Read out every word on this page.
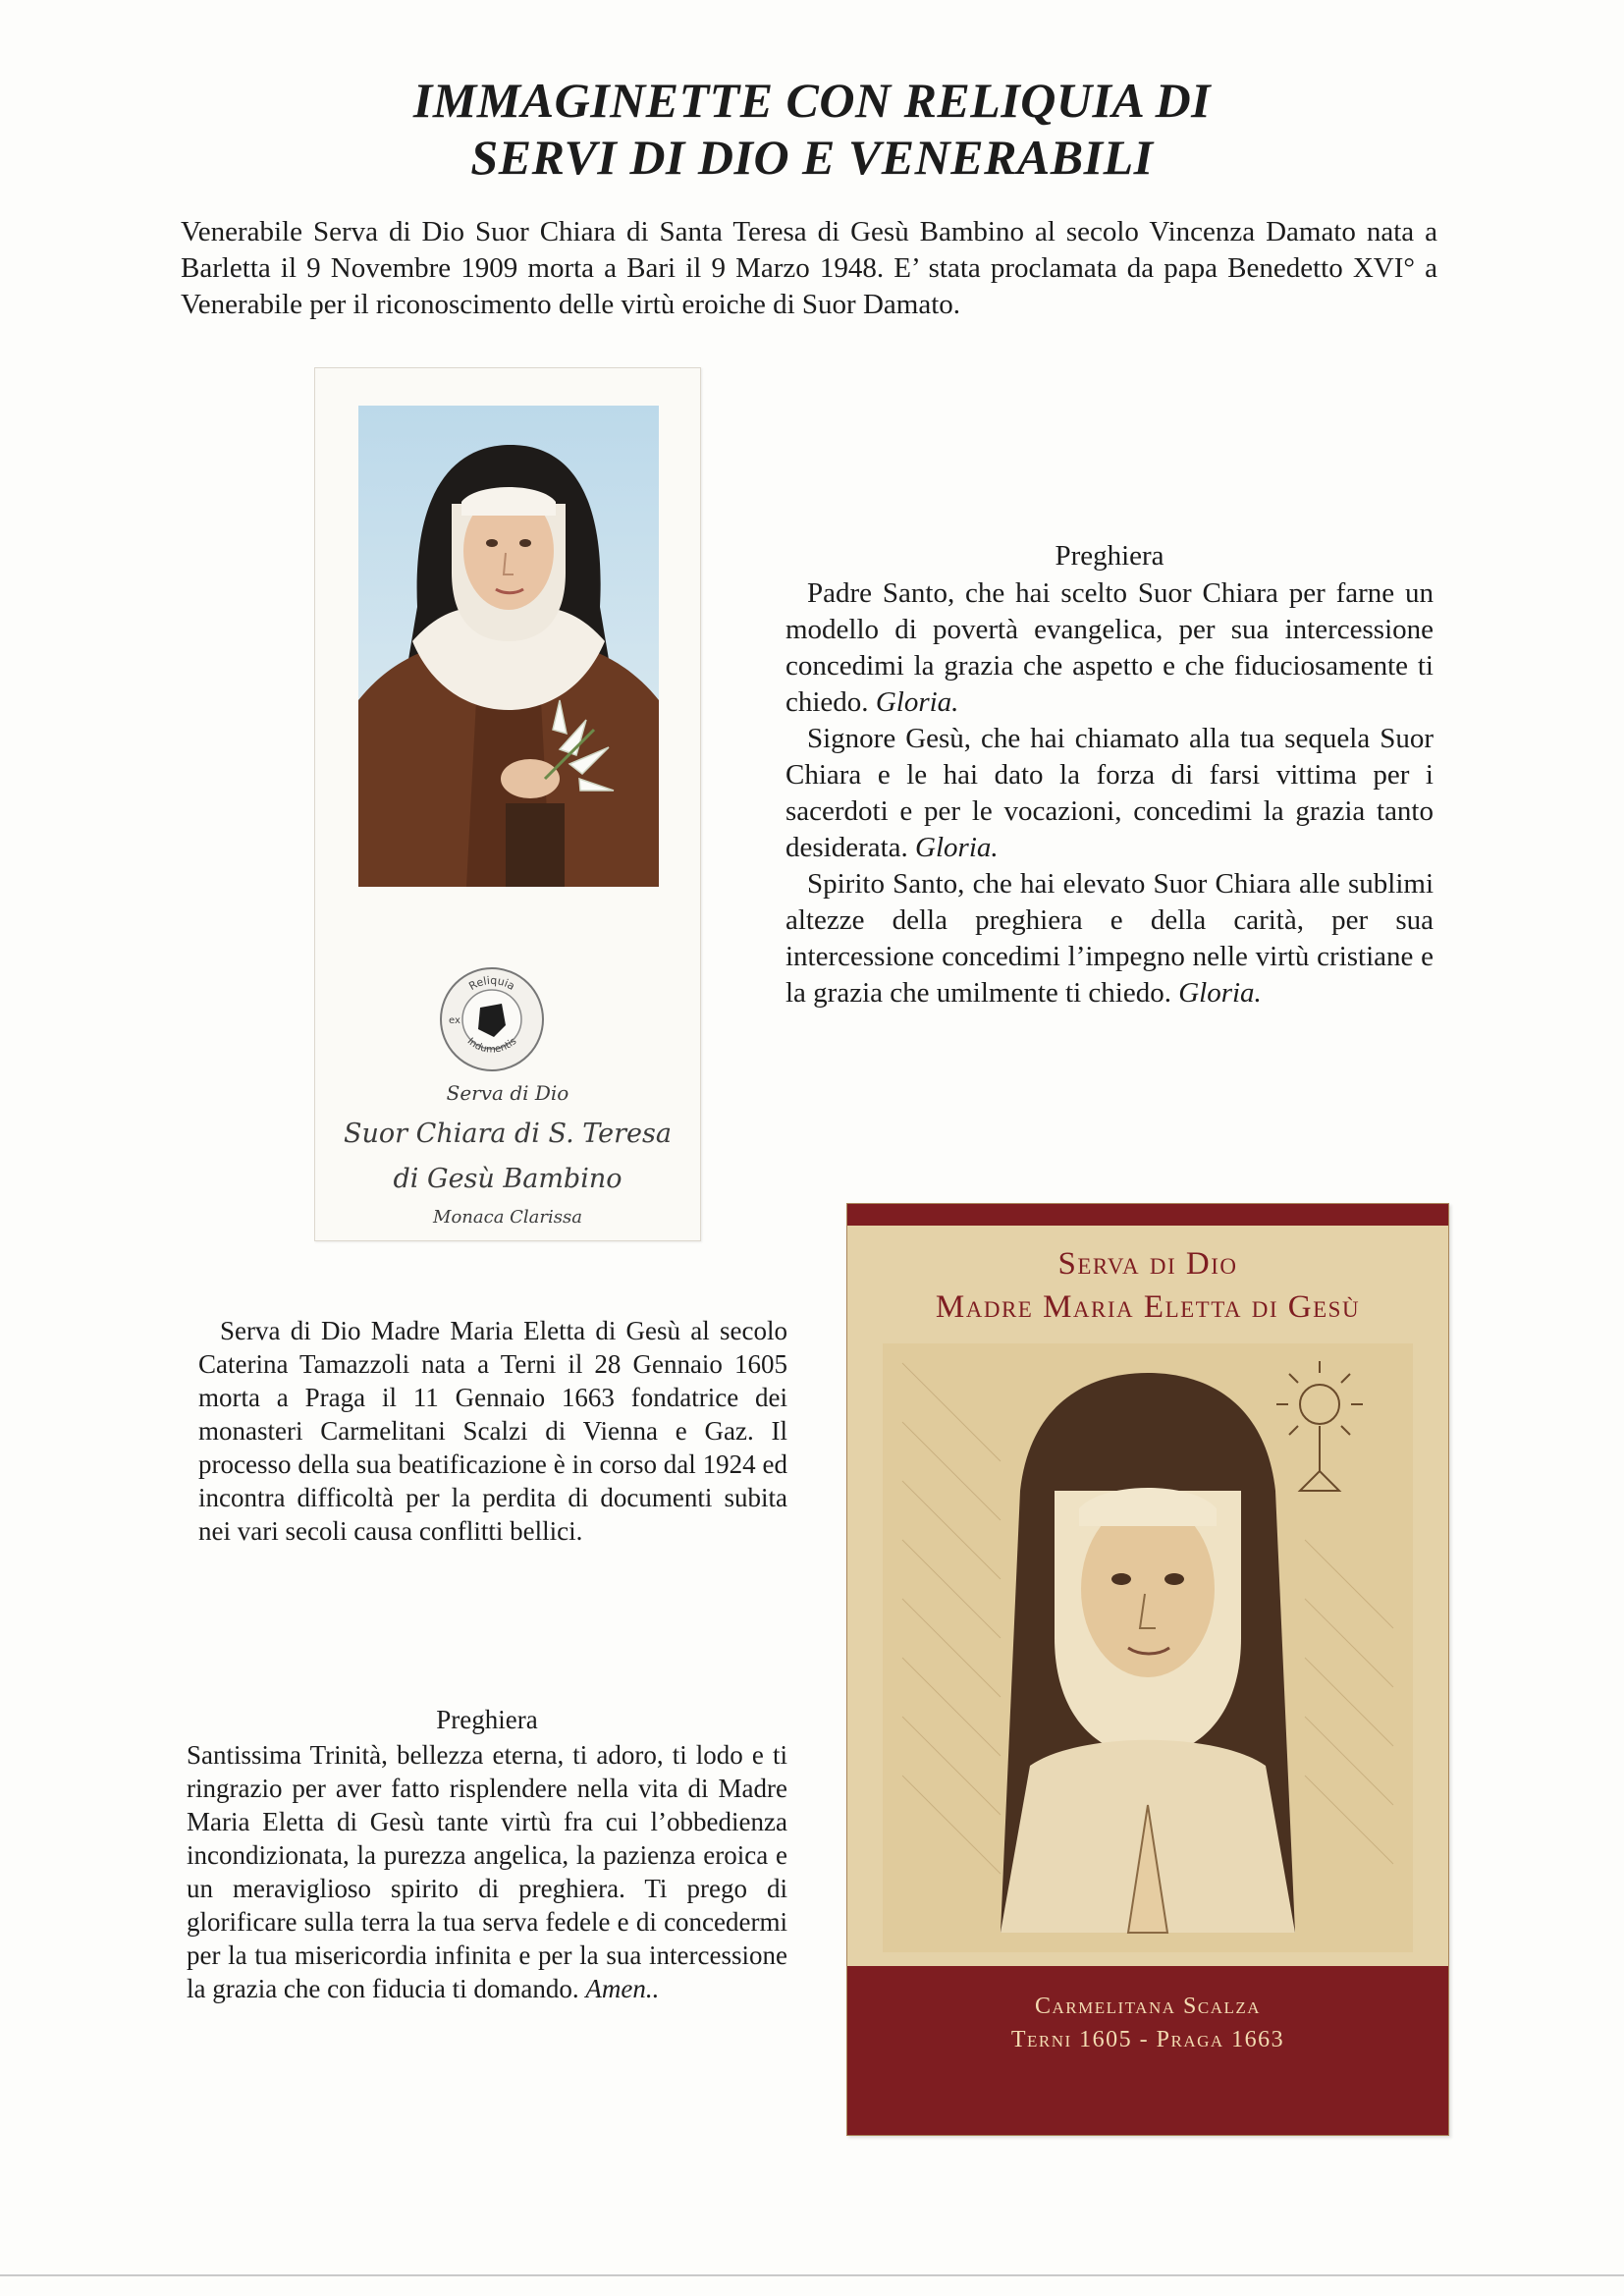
IMMAGINETTE CON RELIQUIA DI
SERVI DI DIO E VENERABILI

Venerabile Serva di Dio Suor Chiara di Santa Teresa di Gesù Bambino al secolo Vincenza Damato nata a Barletta il 9 Novembre 1909 morta a Bari il 9 Marzo 1948. E’ stata proclamata da papa Benedetto XVI° a Venerabile per il riconoscimento delle virtù eroiche di Suor Damato.

Reliquia
ex
Indumentis
Serva di Dio
Suor Chiara di S. Teresa
di Gesù Bambino
Monaca Clarissa
Preghiera

Padre Santo, che hai scelto Suor Chiara per farne un modello di povertà evangelica, per sua intercessione concedimi la grazia che aspetto e che fiduciosamente ti chiedo. Gloria.

Signore Gesù, che hai chiamato alla tua sequela Suor Chiara e le hai dato la forza di farsi vittima per i sacerdoti e per le vocazioni, concedimi la grazia tanto desiderata. Gloria.

Spirito Santo, che hai elevato Suor Chiara alle sublimi altezze della preghiera e della carità, per sua intercessione concedimi l’impegno nelle virtù cristiane e la grazia che umilmente ti chiedo. Gloria.

Serva di Dio Madre Maria Eletta di Gesù al secolo Caterina Tamazzoli nata a Terni il 28 Gennaio 1605 morta a Praga il 11 Gennaio 1663 fondatrice dei monasteri Carmelitani Scalzi di Vienna e Gaz. Il processo della sua beatificazione è in corso dal 1924 ed incontra difficoltà per la perdita di documenti subita nei vari secoli causa conflitti bellici.

Preghiera

Santissima Trinità, bellezza eterna, ti adoro, ti lodo e ti ringrazio per aver fatto risplendere nella vita di Madre Maria Eletta di Gesù tante virtù fra cui l’obbedienza incondizionata, la purezza angelica, la pazienza eroica e un meraviglioso spirito di preghiera. Ti prego di glorificare sulla terra la tua serva fedele e di concedermi per la tua misericordia infinita e per la sua intercessione la grazia che con fiducia ti domando. Amen..

Serva di Dio
Madre Maria Eletta di Gesù
Carmelitana Scalza
Terni 1605 - Praga 1663
